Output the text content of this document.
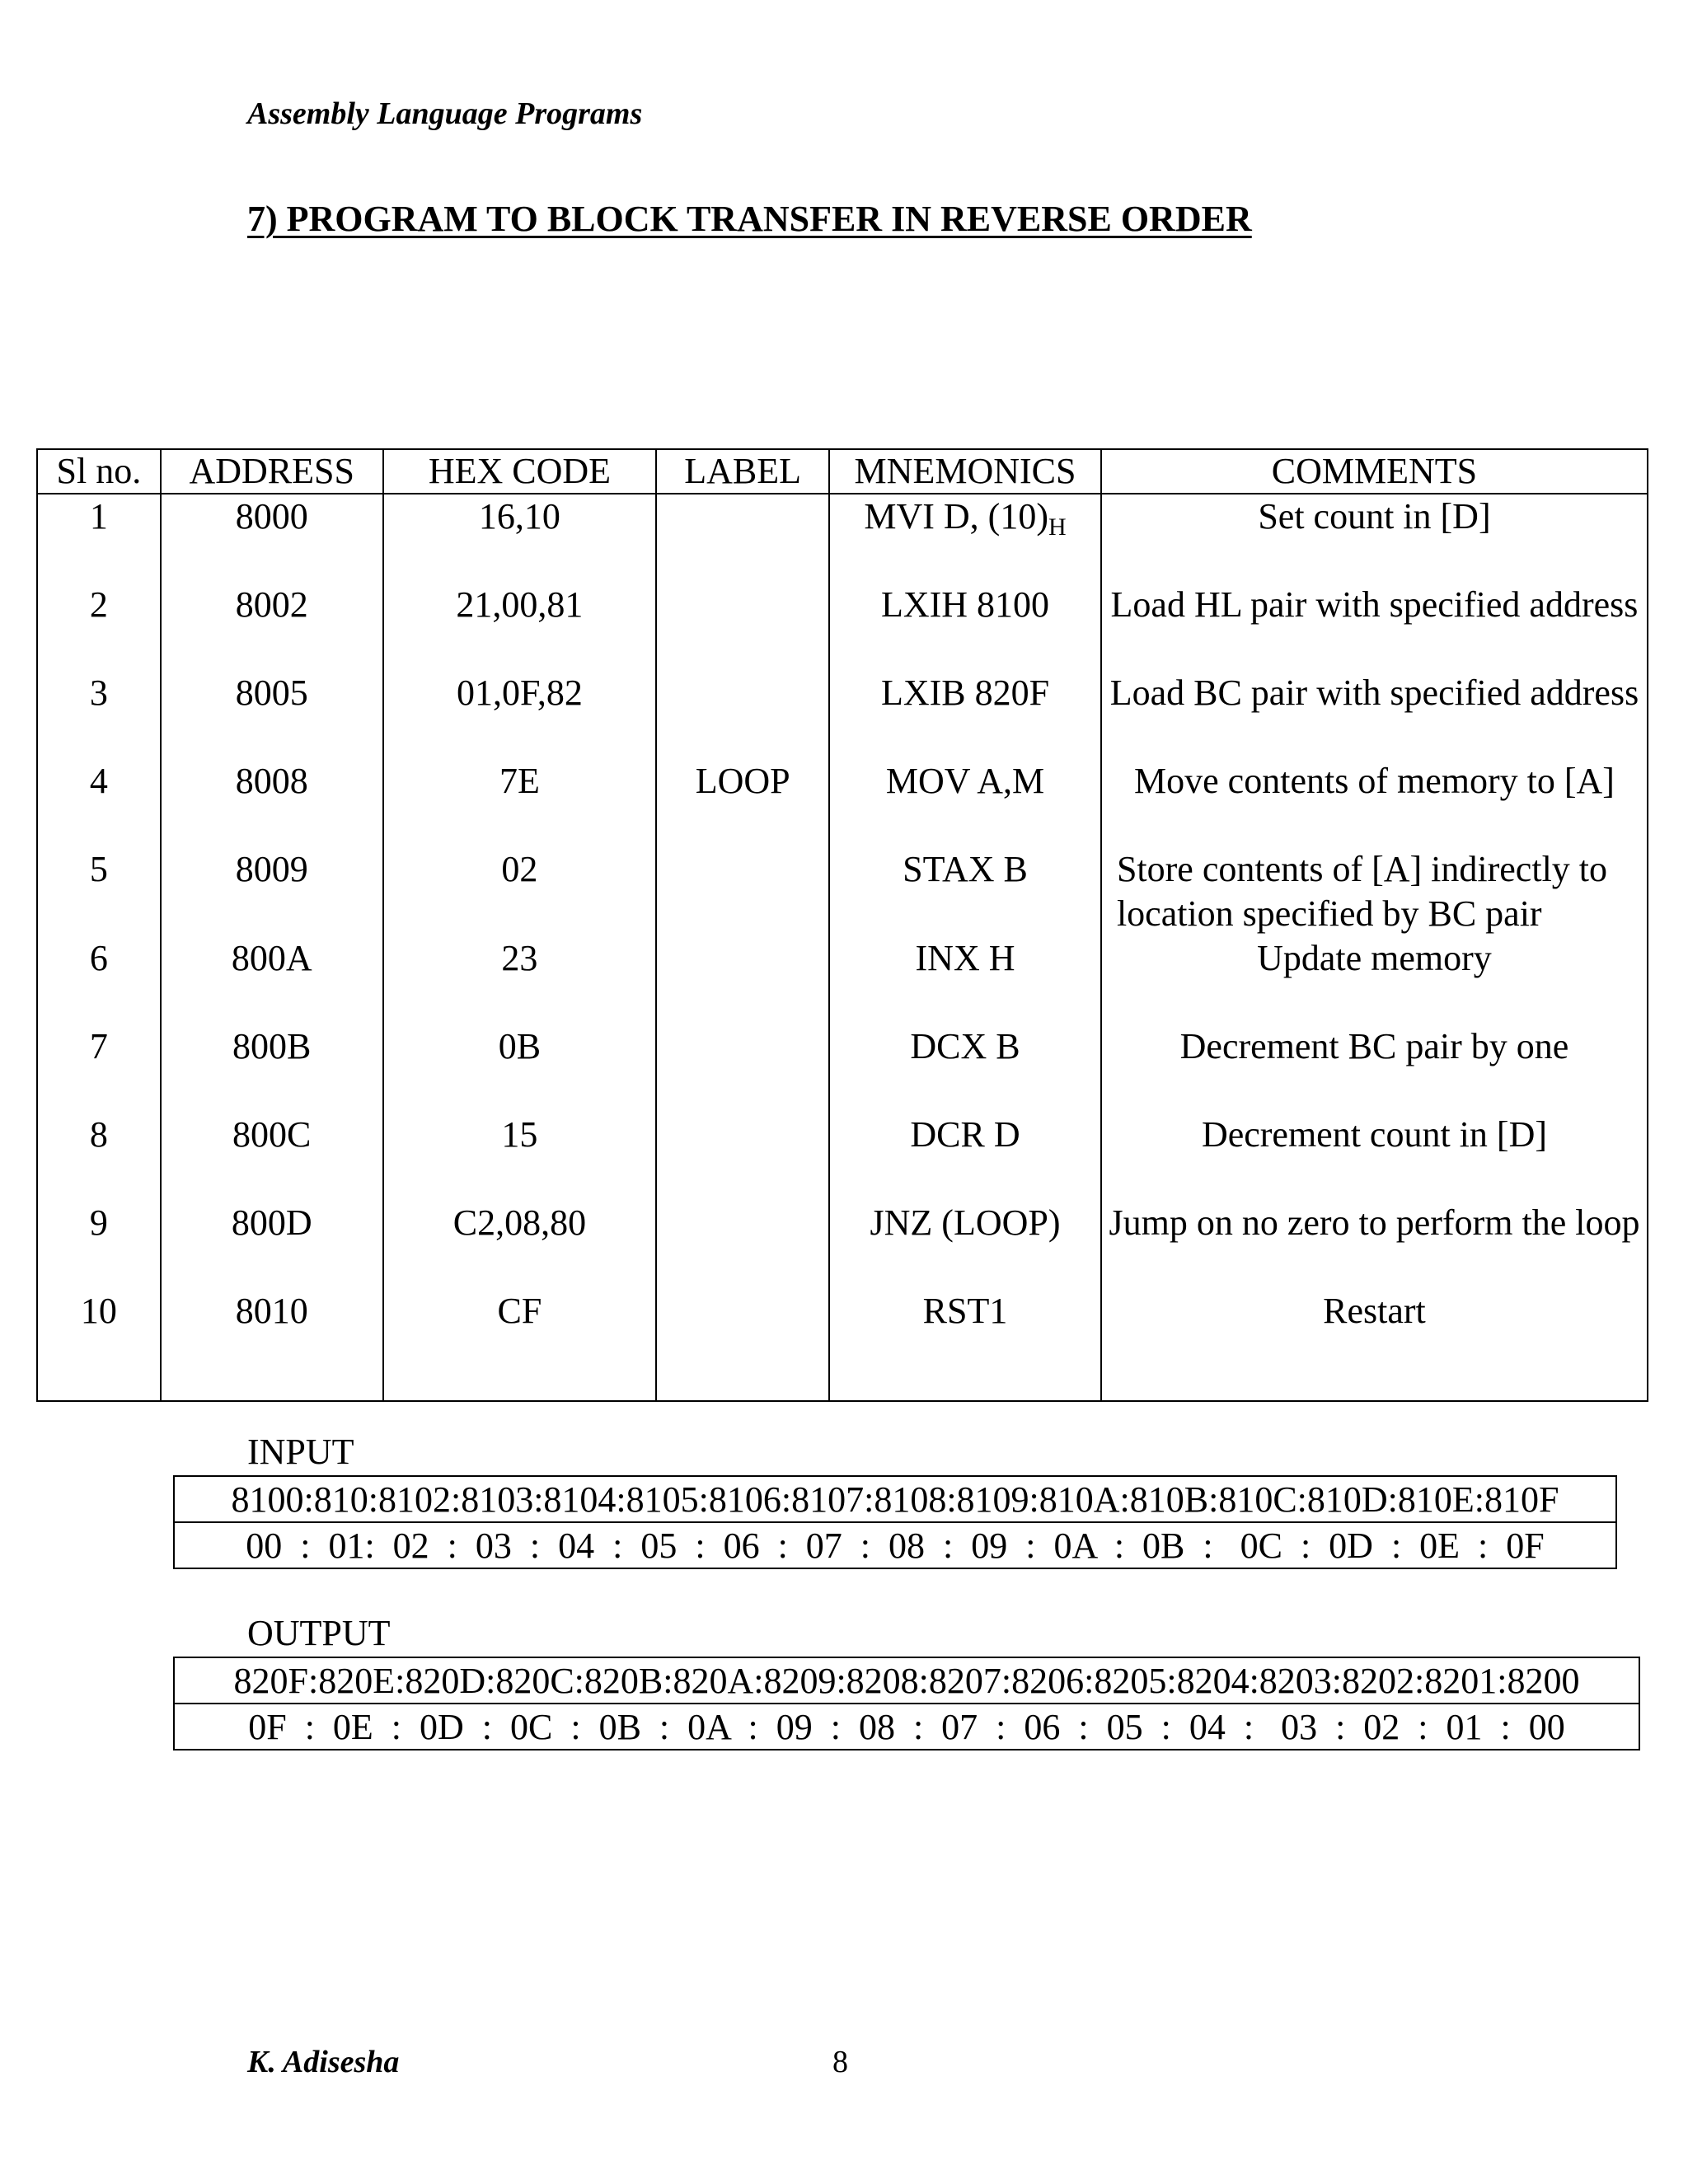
Assembly Language Programs
7) PROGRAM TO BLOCK TRANSFER IN REVERSE ORDER
Sl no.	ADDRESS	HEX CODE	LABEL	MNEMONICS	COMMENTS
1	8000	16,10		MVI D, $(10)_H$	Set count in [D]
2	8002	21,00,81		LXIH 8100	Load HL pair with specified address
3	8005	01,0F,82		LXIB 820F	Load BC pair with specified address
4	8008	7E	LOOP	MOV A,M	Move contents of memory to [A]
5	8009	02		STAX B	Store contents of [A] indirectly to location specified by BC pair
6	800A	23		INX H	Update memory
7	800B	0B		DCX B	Decrement BC pair by one
8	800C	15		DCR D	Decrement count in [D]
9	800D	C2,08,80		JNZ (LOOP)	Jump on no zero to perform the loop
10	8010	CF		RST1	Restart
INPUT
8100:810:8102:8103:8104:8105:8106:8107:8108:8109:810A:810B:810C:810D:810E:810F
00  :  01:  02  :  03  :  04  :  05  :  06  :  07  :  08  :  09  :  0A  :  0B  :   0C  :  0D  :  0E  :  0F
OUTPUT
820F:820E:820D:820C:820B:820A:8209:8208:8207:8206:8205:8204:8203:8202:8201:8200
0F  :  0E  :  0D  :  0C  :  0B  :  0A  :  09  :  08  :  07  :  06  :  05  :  04  :   03  :  02  :  01  :  00
K. Adisesha	8
